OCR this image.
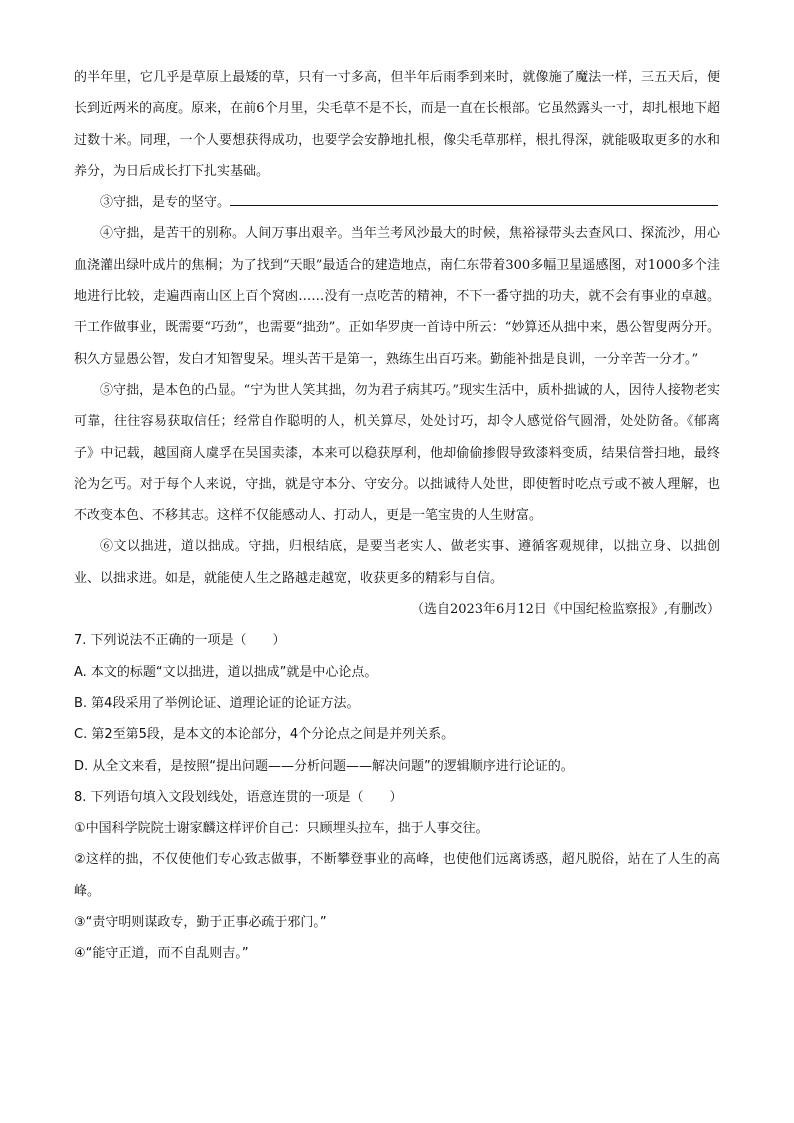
的半年里，它几乎是草原上最矮的草，只有一寸多高，但半年后雨季到来时，就像施了魔法一样，三五天后，便长到近两米的高度。原来，在前6个月里，尖毛草不是不长，而是一直在长根部。它虽然露头一寸，却扎根地下超过数十米。同理，一个人要想获得成功，也要学会安静地扎根，像尖毛草那样，根扎得深，就能吸取更多的水和养分，为日后成长打下扎实基础。

③守拙，是专的坚守。

④守拙，是苦干的别称。人间万事出艰辛。当年兰考风沙最大的时候，焦裕禄带头去查风口、探流沙，用心血浇灌出绿叶成片的焦桐；为了找到“天眼”最适合的建造地点，南仁东带着300多幅卫星遥感图，对1000多个洼地进行比较，走遍西南山区上百个窝凼……没有一点吃苦的精神，不下一番守拙的功夫，就不会有事业的卓越。干工作做事业，既需要“巧劲”，也需要“拙劲”。正如华罗庚一首诗中所云：“妙算还从拙中来，愚公智叟两分开。积久方显愚公智，发白才知智叟呆。埋头苦干是第一，熟练生出百巧来。勤能补拙是良训，一分辛苦一分才。”

⑤守拙，是本色的凸显。“宁为世人笑其拙，勿为君子病其巧。”现实生活中，质朴拙诚的人，因待人接物老实可靠，往往容易获取信任；经常自作聪明的人，机关算尽，处处讨巧，却令人感觉俗气圆滑，处处防备。《郁离子》中记载，越国商人虞孚在吴国卖漆，本来可以稳获厚利，他却偷偷掺假导致漆料变质，结果信誉扫地，最终沦为乞丐。对于每个人来说，守拙，就是守本分、守安分。以拙诚待人处世，即使暂时吃点亏或不被人理解，也不改变本色、不移其志。这样不仅能感动人、打动人，更是一笔宝贵的人生财富。

⑥文以拙进，道以拙成。守拙，归根结底，是要当老实人、做老实事、遵循客观规律，以拙立身、以拙创业、以拙求进。如是，就能使人生之路越走越宽，收获更多的精彩与自信。

（选自2023年6月12日《中国纪检监察报》,有删改）

7. 下列说法不正确的一项是（　　）

A. 本文的标题“文以拙进，道以拙成”就是中心论点。

B. 第4段采用了举例论证、道理论证的论证方法。

C. 第2至第5段，是本文的本论部分，4个分论点之间是并列关系。

D. 从全文来看，是按照“提出问题——分析问题——解决问题”的逻辑顺序进行论证的。

8. 下列语句填入文段划线处，语意连贯的一项是（　　）

①中国科学院院士谢家麟这样评价自己：只顾埋头拉车，拙于人事交往。

②这样的拙，不仅使他们专心致志做事，不断攀登事业的高峰，也使他们远离诱惑，超凡脱俗，站在了人生的高峰。

③“责守明则谋政专，勤于正事必疏于邪门。”

④“能守正道，而不自乱则吉。”
